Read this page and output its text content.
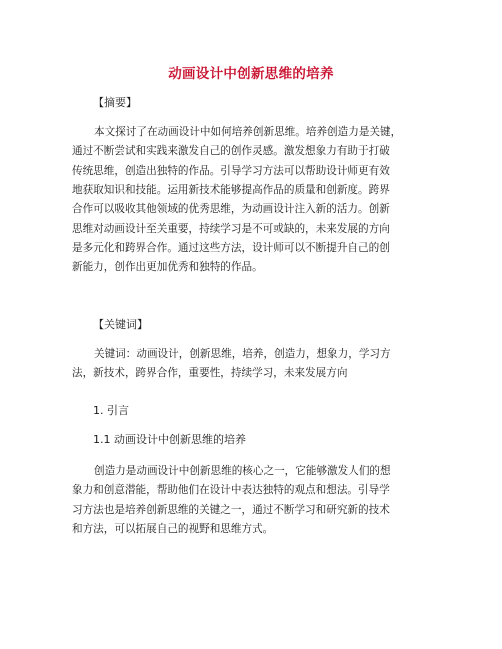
动画设计中创新思维的培养
【摘要】
本文探讨了在动画设计中如何培养创新思维。培养创造力是关键，
通过不断尝试和实践来激发自己的创作灵感。激发想象力有助于打破
传统思维，创造出独特的作品。引导学习方法可以帮助设计师更有效
地获取知识和技能。运用新技术能够提高作品的质量和创新度。跨界
合作可以吸收其他领域的优秀思维，为动画设计注入新的活力。创新
思维对动画设计至关重要，持续学习是不可或缺的，未来发展的方向
是多元化和跨界合作。通过这些方法，设计师可以不断提升自己的创
新能力，创作出更加优秀和独特的作品。
【关键词】
关键词：动画设计，创新思维，培养，创造力，想象力，学习方
法，新技术，跨界合作，重要性，持续学习，未来发展方向
1. 引言
1.1 动画设计中创新思维的培养
创造力是动画设计中创新思维的核心之一，它能够激发人们的想
象力和创意潜能，帮助他们在设计中表达独特的观点和想法。引导学
习方法也是培养创新思维的关键之一，通过不断学习和研究新的技术
和方法，可以拓展自己的视野和思维方式。
